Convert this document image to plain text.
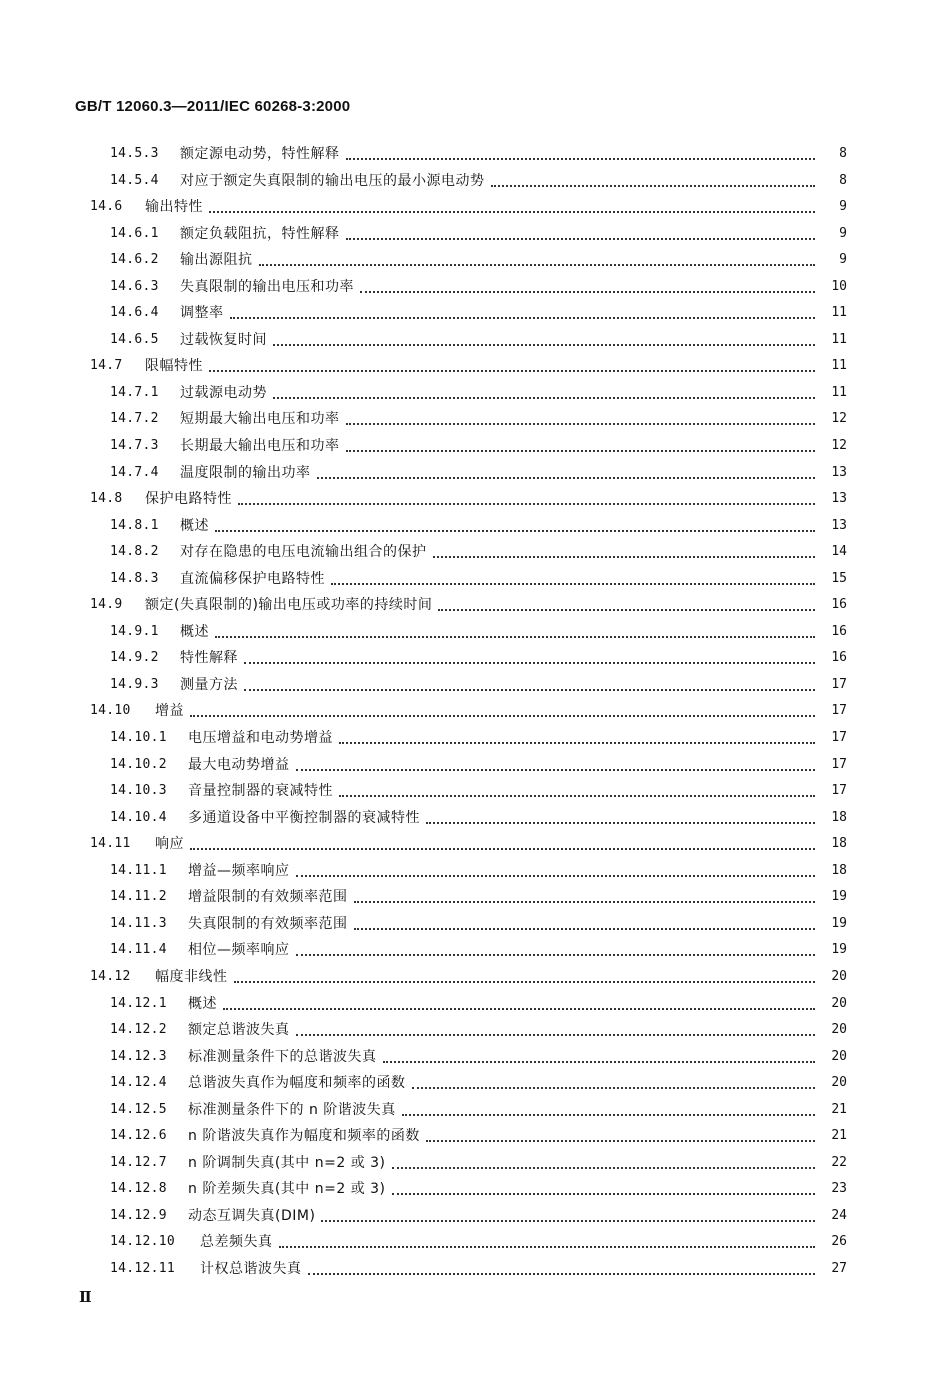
GB/T 12060.3—2011/IEC 60268-3:2000
14.5.3 额定源电动势，特性解释	8
14.5.4 对应于额定失真限制的输出电压的最小源电动势	8
14.6 输出特性	9
14.6.1 额定负载阻抗，特性解释	9
14.6.2 输出源阻抗	9
14.6.3 失真限制的输出电压和功率	10
14.6.4 调整率	11
14.6.5 过载恢复时间	11
14.7 限幅特性	11
14.7.1 过载源电动势	11
14.7.2 短期最大输出电压和功率	12
14.7.3 长期最大输出电压和功率	12
14.7.4 温度限制的输出功率	13
14.8 保护电路特性	13
14.8.1 概述	13
14.8.2 对存在隐患的电压电流输出组合的保护	14
14.8.3 直流偏移保护电路特性	15
14.9 额定(失真限制的)输出电压或功率的持续时间	16
14.9.1 概述	16
14.9.2 特性解释	16
14.9.3 测量方法	17
14.10 增益	17
14.10.1 电压增益和电动势增益	17
14.10.2 最大电动势增益	17
14.10.3 音量控制器的衰减特性	17
14.10.4 多通道设备中平衡控制器的衰减特性	18
14.11 响应	18
14.11.1 增益—频率响应	18
14.11.2 增益限制的有效频率范围	19
14.11.3 失真限制的有效频率范围	19
14.11.4 相位—频率响应	19
14.12 幅度非线性	20
14.12.1 概述	20
14.12.2 额定总谐波失真	20
14.12.3 标准测量条件下的总谐波失真	20
14.12.4 总谐波失真作为幅度和频率的函数	20
14.12.5 标准测量条件下的 n 阶谐波失真	21
14.12.6 n 阶谐波失真作为幅度和频率的函数	21
14.12.7 n 阶调制失真(其中 n=2 或 3)	22
14.12.8 n 阶差频失真(其中 n=2 或 3)	23
14.12.9 动态互调失真(DIM)	24
14.12.10 总差频失真	26
14.12.11 计权总谐波失真	27
Ⅱ
